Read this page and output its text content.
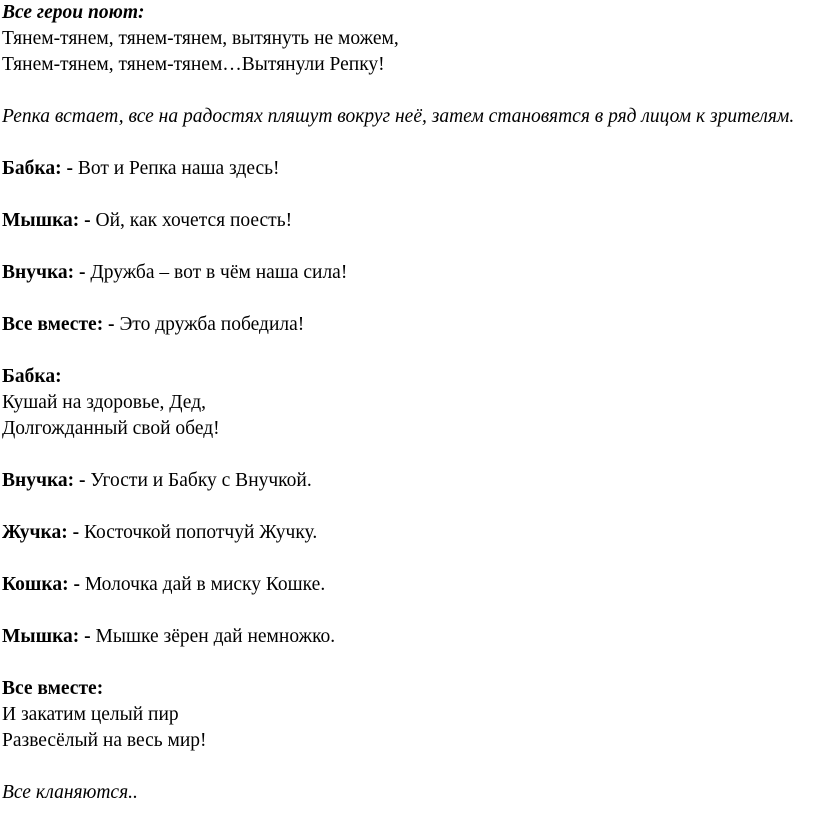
Все герои поют:
Тянем-тянем, тянем-тянем, вытянуть не можем,
Тянем-тянем, тянем-тянем…Вытянули Репку!
Репка встает, все на радостях пляшут вокруг неё, затем становятся в ряд лицом к зрителям.
Бабка: - Вот и Репка наша здесь!
Мышка: - Ой, как хочется поесть!
Внучка: - Дружба – вот в чём наша сила!
Все вместе: - Это дружба победила!
Бабка:
Кушай на здоровье, Дед,
Долгожданный свой обед!
Внучка: - Угости и Бабку с Внучкой.
Жучка: - Косточкой попотчуй Жучку.
Кошка: - Молочка дай в миску Кошке.
Мышка: - Мышке зёрен дай немножко.
Все вместе:
И закатим целый пир
Развесёлый на весь мир!
Все кланяются..
